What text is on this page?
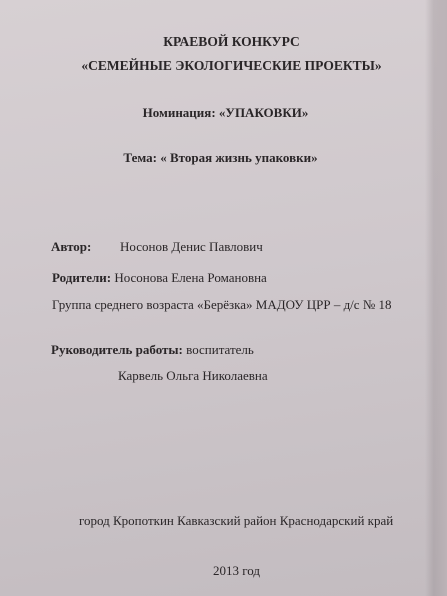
КРАЕВОЙ КОНКУРС
«СЕМЕЙНЫЕ ЭКОЛОГИЧЕСКИЕ ПРОЕКТЫ»
Номинация: «УПАКОВКИ»
Тема: « Вторая жизнь упаковки»
Автор: Носонов Денис Павлович
Родители: Носонова Елена Романовна
Группа среднего возраста «Берёзка» МАДОУ ЦРР – д/с № 18
Руководитель работы: воспитатель
Карвель Ольга Николаевна
город Кропоткин Кавказский район Краснодарский край
2013 год
